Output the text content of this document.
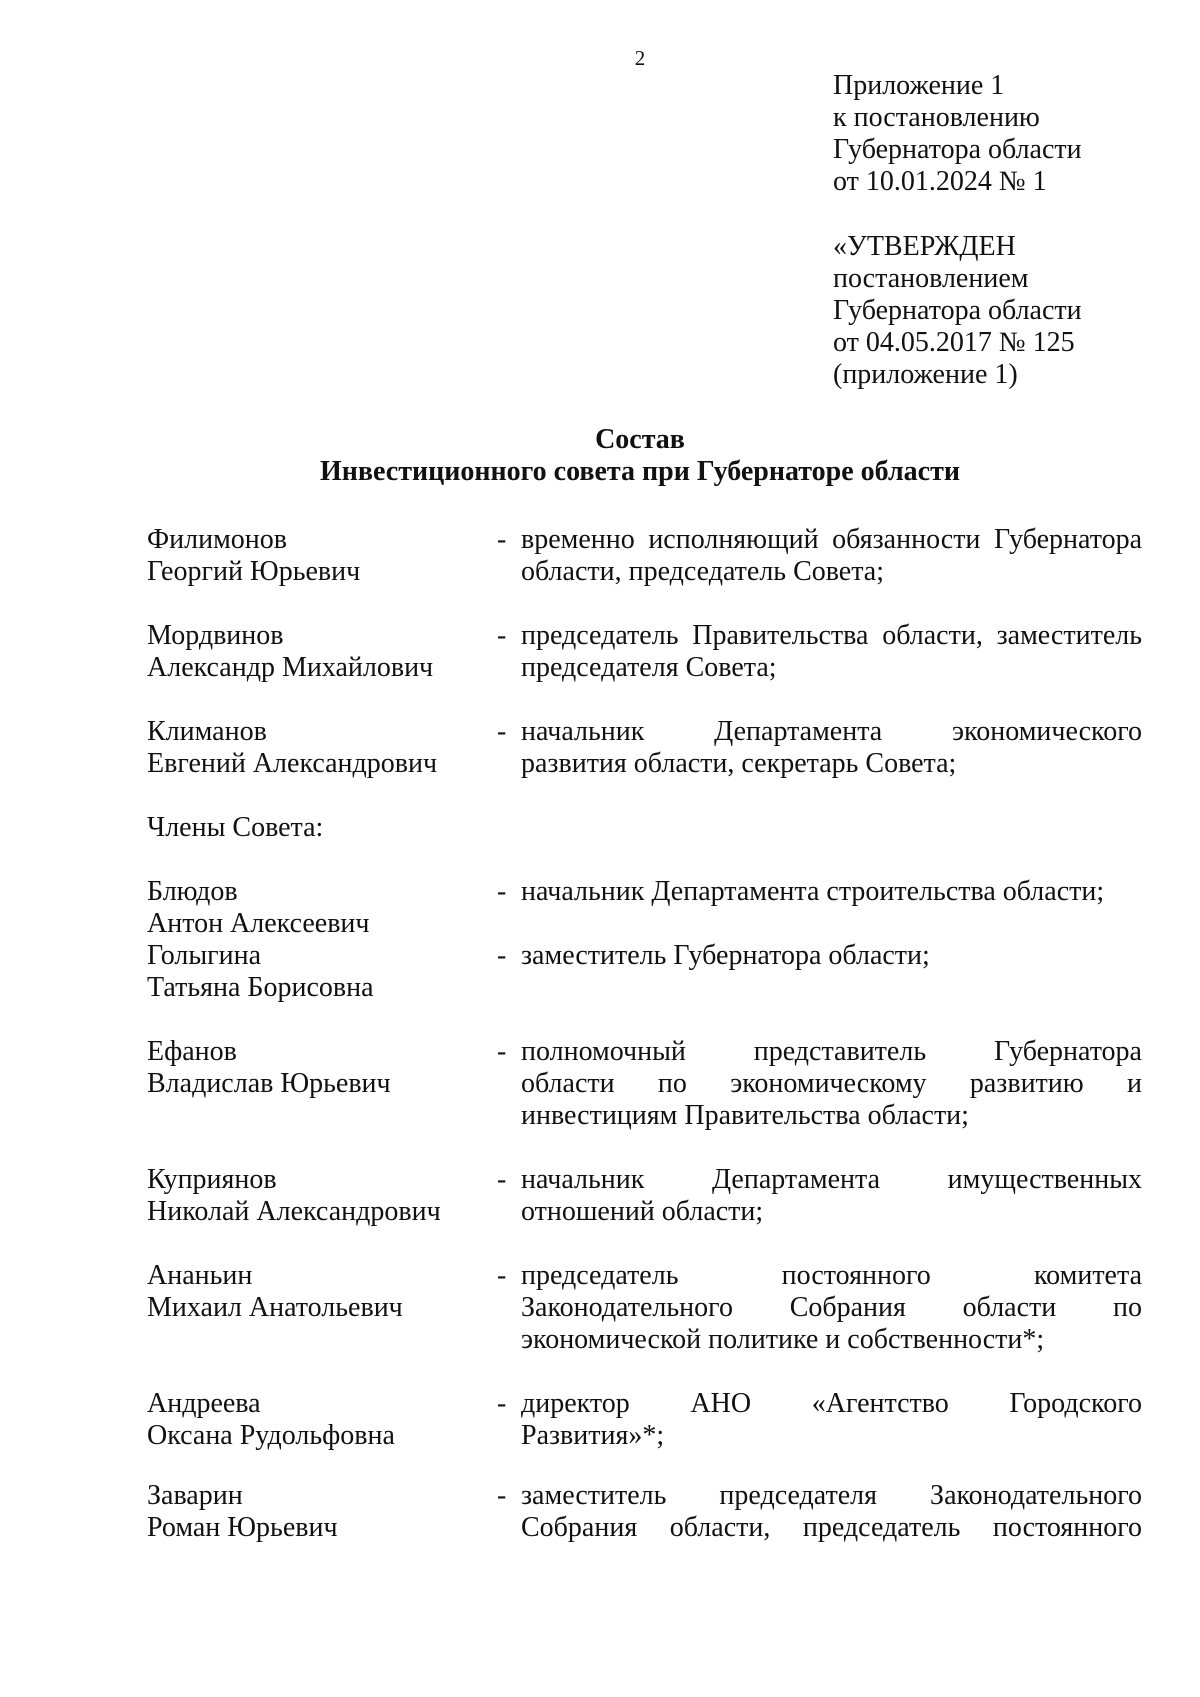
2
Приложение 1
к постановлению
Губернатора области
от 10.01.2024 № 1
«УТВЕРЖДЕН
постановлением
Губернатора области
от 04.05.2017 № 125
(приложение 1)
Состав
Инвестиционного совета при Губернаторе области
Филимонов
Георгий Юрьевич
- временно исполняющий обязанности Губернатора
области, председатель Совета;
Мордвинов
Александр Михайлович
- председатель Правительства области, заместитель
председателя Совета;
Климанов
Евгений Александрович
- начальник Департамента экономического
развития области, секретарь Совета;
Члены Совета:
Блюдов
Антон Алексеевич
- начальник Департамента строительства области;
Голыгина
Татьяна Борисовна
- заместитель Губернатора области;
Ефанов
Владислав Юрьевич
- полномочный представитель Губернатора
области по экономическому развитию и
инвестициям Правительства области;
Куприянов
Николай Александрович
- начальник Департамента имущественных
отношений области;
Ананьин
Михаил Анатольевич
- председатель постоянного комитета
Законодательного Собрания области по
экономической политике и собственности*;
Андреева
Оксана Рудольфовна
- директор АНО «Агентство Городского
Развития»*;
Заварин
Роман Юрьевич
- заместитель председателя Законодательного
Собрания области, председатель постоянного
